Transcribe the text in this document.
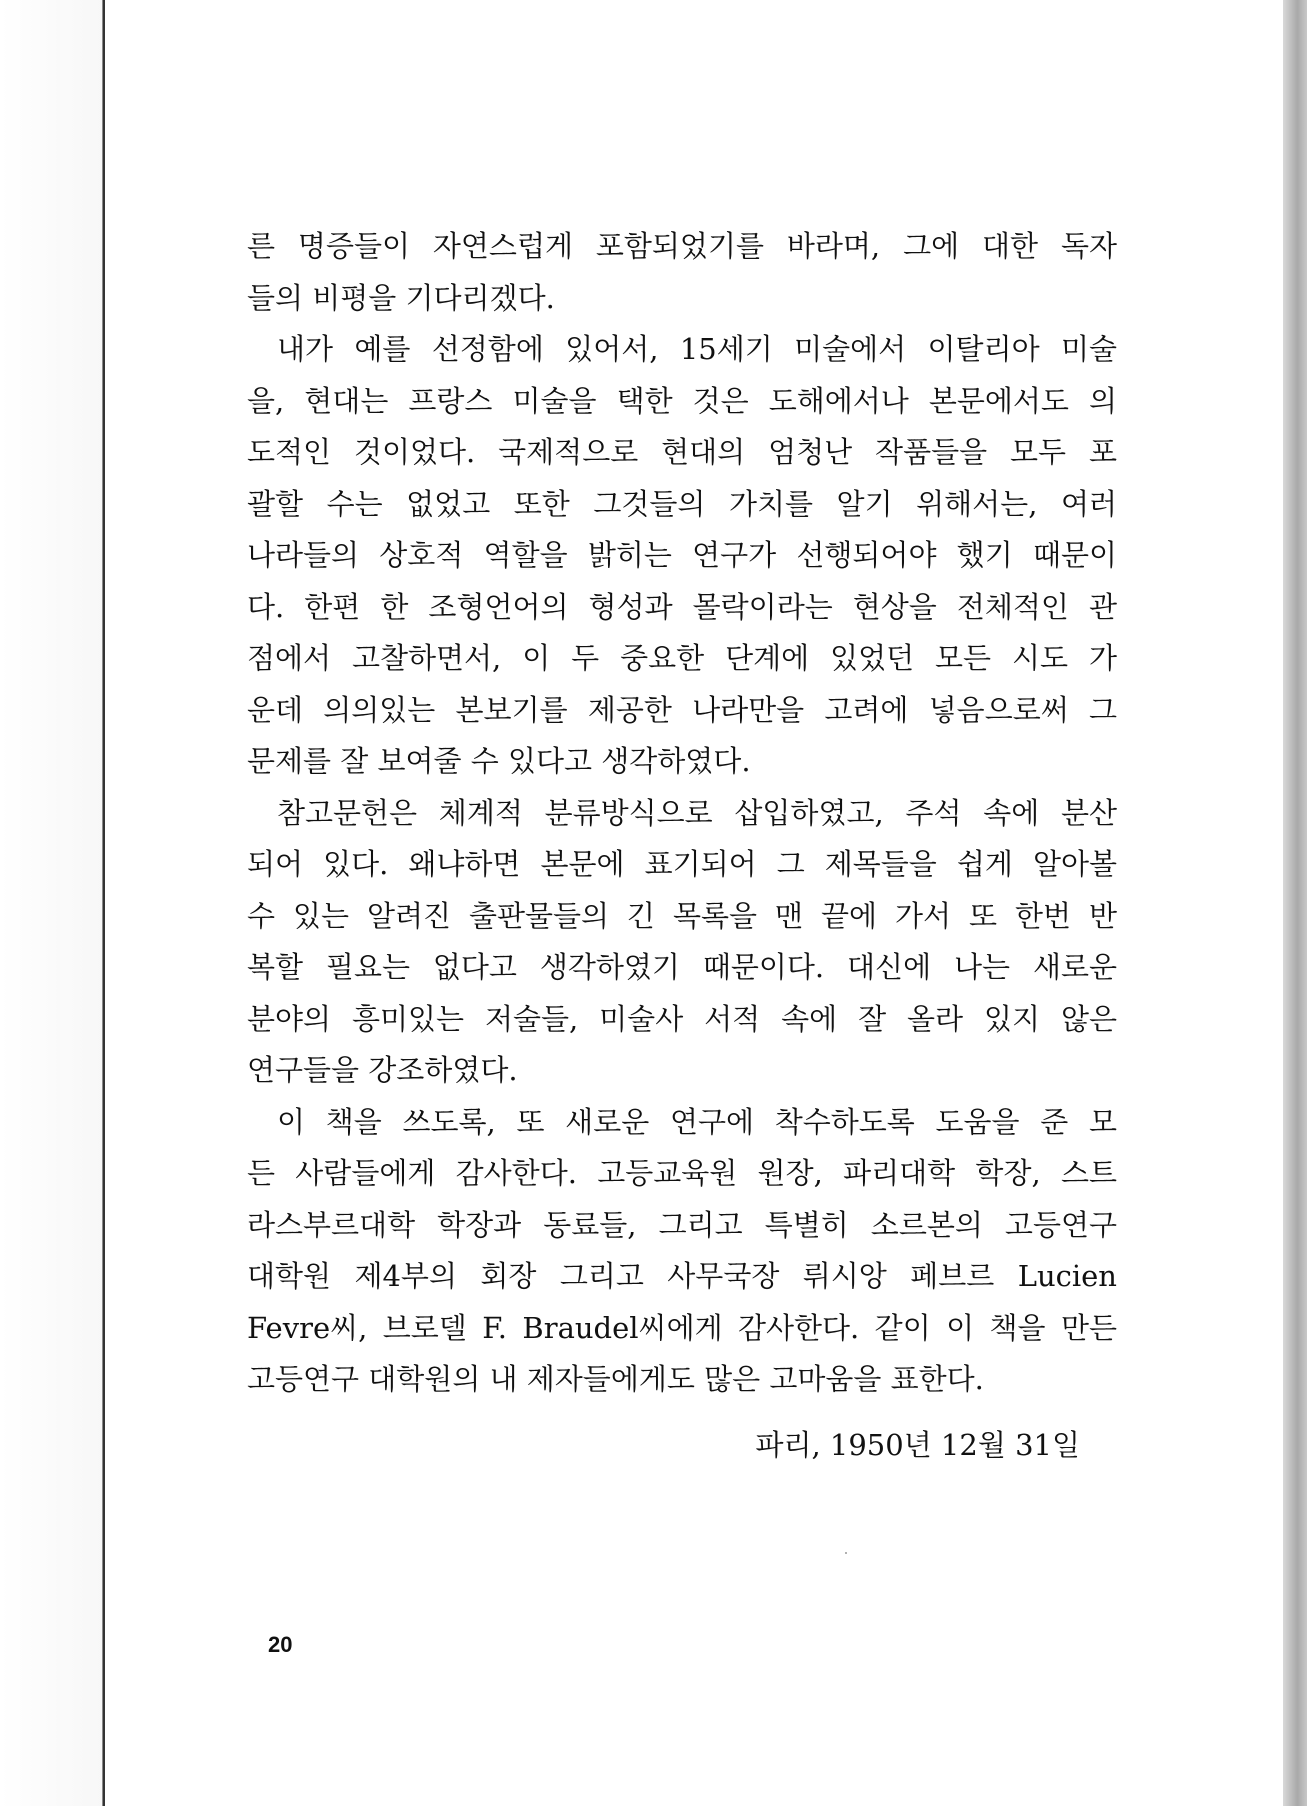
른 명증들이 자연스럽게 포함되었기를 바라며, 그에 대한 독자
들의 비평을 기다리겠다.
내가 예를 선정함에 있어서, 15세기 미술에서 이탈리아 미술
을, 현대는 프랑스 미술을 택한 것은 도해에서나 본문에서도 의
도적인 것이었다. 국제적으로 현대의 엄청난 작품들을 모두 포
괄할 수는 없었고 또한 그것들의 가치를 알기 위해서는, 여러
나라들의 상호적 역할을 밝히는 연구가 선행되어야 했기 때문이
다. 한편 한 조형언어의 형성과 몰락이라는 현상을 전체적인 관
점에서 고찰하면서, 이 두 중요한 단계에 있었던 모든 시도 가
운데 의의있는 본보기를 제공한 나라만을 고려에 넣음으로써 그
문제를 잘 보여줄 수 있다고 생각하였다.
참고문헌은 체계적 분류방식으로 삽입하였고, 주석 속에 분산
되어 있다. 왜냐하면 본문에 표기되어 그 제목들을 쉽게 알아볼
수 있는 알려진 출판물들의 긴 목록을 맨 끝에 가서 또 한번 반
복할 필요는 없다고 생각하였기 때문이다. 대신에 나는 새로운
분야의 흥미있는 저술들, 미술사 서적 속에 잘 올라 있지 않은
연구들을 강조하였다.
이 책을 쓰도록, 또 새로운 연구에 착수하도록 도움을 준 모
든 사람들에게 감사한다. 고등교육원 원장, 파리대학 학장, 스트
라스부르대학 학장과 동료들, 그리고 특별히 소르본의 고등연구
대학원 제4부의 회장 그리고 사무국장 뤼시앙 페브르 Lucien
Fevre씨, 브로델 F. Braudel씨에게 감사한다. 같이 이 책을 만든
고등연구 대학원의 내 제자들에게도 많은 고마움을 표한다.
파리, 1950년 12월 31일
20
